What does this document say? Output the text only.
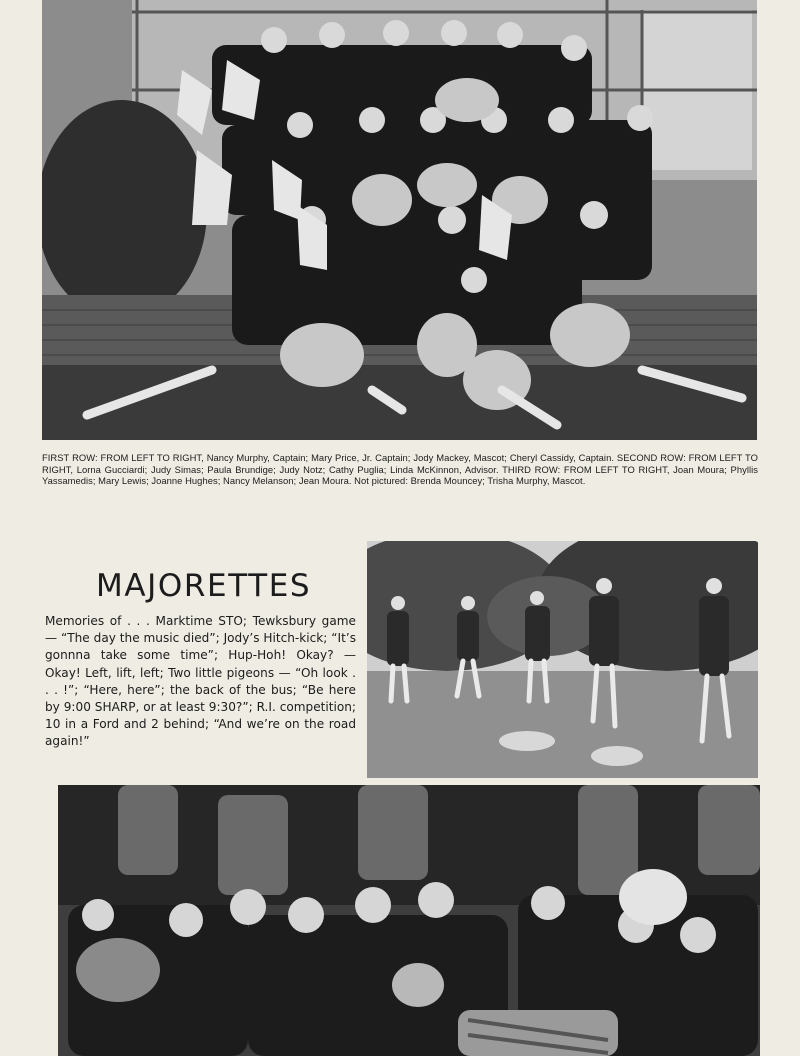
FIRST ROW: FROM LEFT TO RIGHT, Nancy Murphy, Captain; Mary Price, Jr. Captain; Jody Mackey, Mascot; Cheryl Cassidy, Captain. SECOND ROW: FROM LEFT TO RIGHT, Lorna Gucciardi; Judy Simas; Paula Brundige; Judy Notz; Cathy Puglia; Linda McKinnon, Advisor. THIRD ROW: FROM LEFT TO RIGHT, Joan Moura; Phyllis Yassamedis; Mary Lewis; Joanne Hughes; Nancy Melanson; Jean Moura. Not pictured: Brenda Mouncey; Trisha Murphy, Mascot.
MAJORETTES
Memories of . . . Marktime STO; Tewksbury game — “The day the music died”; Jody’s Hitch-kick; “It’s gonnna take some time”; Hup-Hoh! Okay? — Okay! Left, lift, left; Two little pigeons — “Oh look . . . !”; “Here, here”; the back of the bus; “Be here by 9:00 SHARP, or at least 9:30?”; R.I. competition; 10 in a Ford and 2 behind; “And we’re on the road again!”
